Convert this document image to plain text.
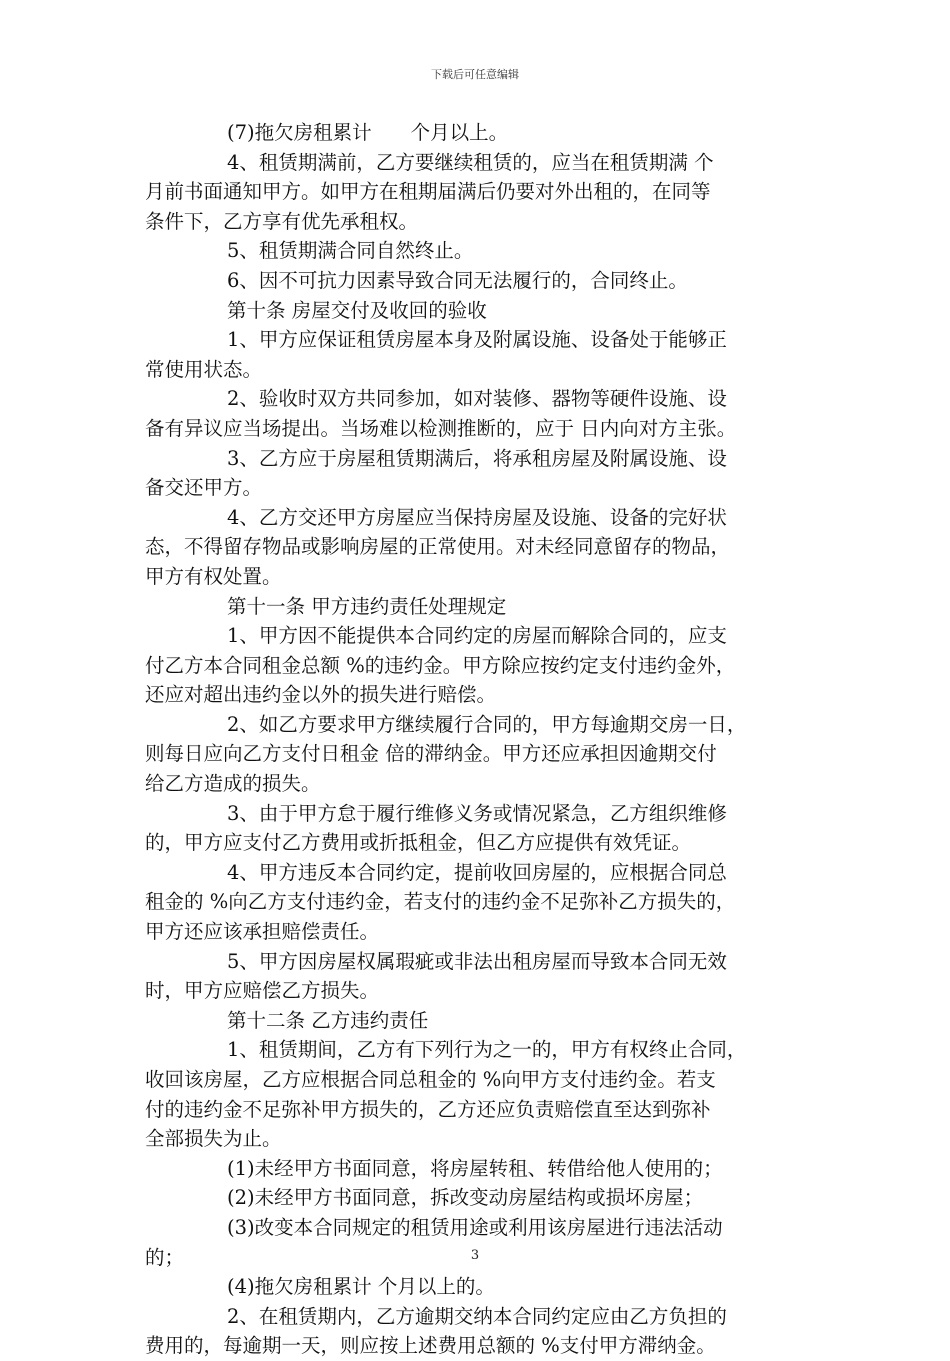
下载后可任意编辑
(7)拖欠房租累计　　个月以上。
4、租赁期满前，乙方要继续租赁的，应当在租赁期满 个
月前书面通知甲方。如甲方在租期届满后仍要对外出租的，在同等
条件下，乙方享有优先承租权。
5、租赁期满合同自然终止。
6、因不可抗力因素导致合同无法履行的，合同终止。
第十条 房屋交付及收回的验收
1、甲方应保证租赁房屋本身及附属设施、设备处于能够正
常使用状态。
2、验收时双方共同参加，如对装修、器物等硬件设施、设
备有异议应当场提出。当场难以检测推断的，应于 日内向对方主张。
3、乙方应于房屋租赁期满后，将承租房屋及附属设施、设
备交还甲方。
4、乙方交还甲方房屋应当保持房屋及设施、设备的完好状
态，不得留存物品或影响房屋的正常使用。对未经同意留存的物品，
甲方有权处置。
第十一条 甲方违约责任处理规定
1、甲方因不能提供本合同约定的房屋而解除合同的，应支
付乙方本合同租金总额 %的违约金。甲方除应按约定支付违约金外，
还应对超出违约金以外的损失进行赔偿。
2、如乙方要求甲方继续履行合同的，甲方每逾期交房一日，
则每日应向乙方支付日租金 倍的滞纳金。甲方还应承担因逾期交付
给乙方造成的损失。
3、由于甲方怠于履行维修义务或情况紧急，乙方组织维修
的，甲方应支付乙方费用或折抵租金，但乙方应提供有效凭证。
4、甲方违反本合同约定，提前收回房屋的，应根据合同总
租金的 %向乙方支付违约金，若支付的违约金不足弥补乙方损失的，
甲方还应该承担赔偿责任。
5、甲方因房屋权属瑕疵或非法出租房屋而导致本合同无效
时，甲方应赔偿乙方损失。
第十二条 乙方违约责任
1、租赁期间，乙方有下列行为之一的，甲方有权终止合同，
收回该房屋，乙方应根据合同总租金的 %向甲方支付违约金。若支
付的违约金不足弥补甲方损失的，乙方还应负责赔偿直至达到弥补
全部损失为止。
(1)未经甲方书面同意，将房屋转租、转借给他人使用的；
(2)未经甲方书面同意，拆改变动房屋结构或损坏房屋；
(3)改变本合同规定的租赁用途或利用该房屋进行违法活动
的；
(4)拖欠房租累计 个月以上的。
2、在租赁期内，乙方逾期交纳本合同约定应由乙方负担的
费用的，每逾期一天，则应按上述费用总额的 %支付甲方滞纳金。
3
